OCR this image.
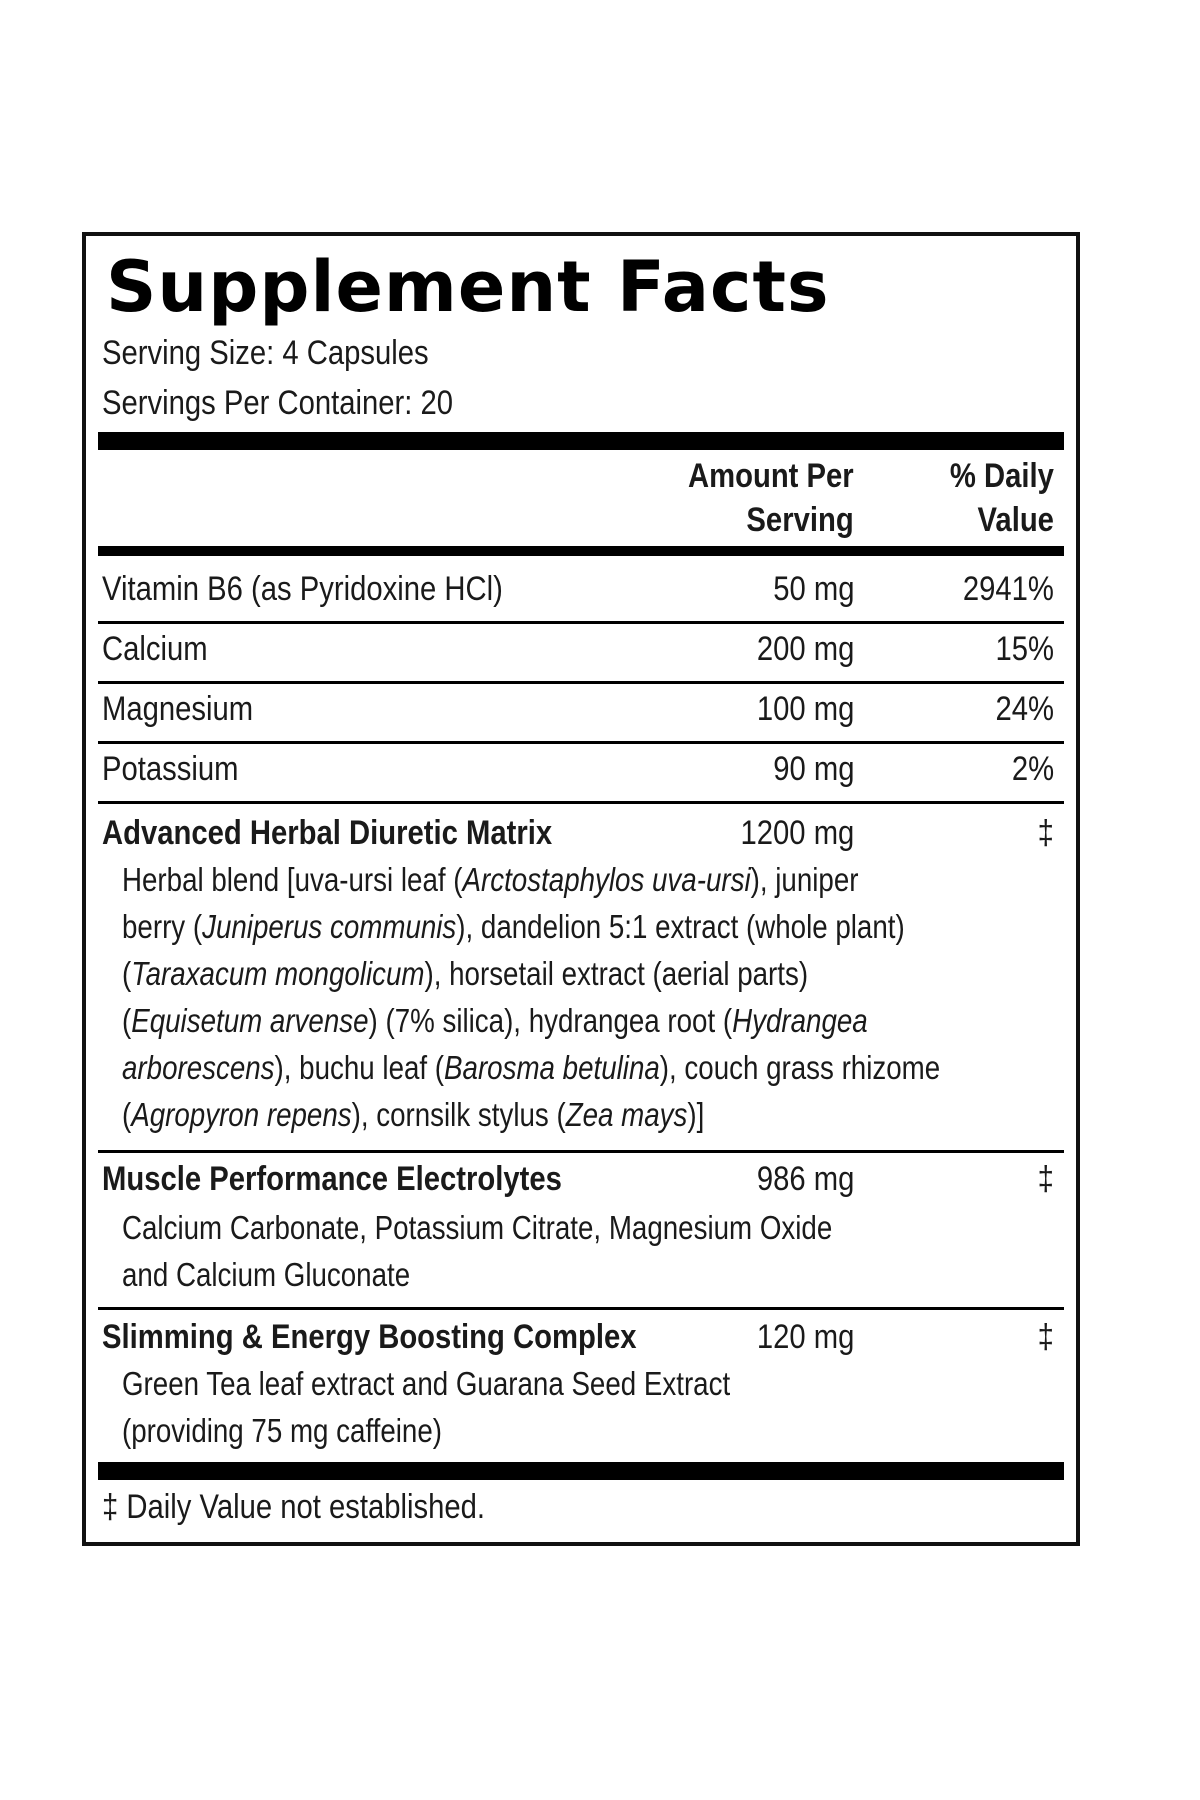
Supplement Facts
Serving Size: 4 Capsules
Servings Per Container: 20
Amount Per
Serving
% Daily
Value
Vitamin B6 (as Pyridoxine HCl)	50 mg	2941%
Calcium	200 mg	15%
Magnesium	100 mg	24%
Potassium	90 mg	2%
Advanced Herbal Diuretic Matrix	1200 mg	‡
Herbal blend [uva-ursi leaf (Arctostaphylos uva-ursi), juniper
berry (Juniperus communis), dandelion 5:1 extract (whole plant)
(Taraxacum mongolicum), horsetail extract (aerial parts)
(Equisetum arvense) (7% silica), hydrangea root (Hydrangea
arborescens), buchu leaf (Barosma betulina), couch grass rhizome
(Agropyron repens), cornsilk stylus (Zea mays)]
Muscle Performance Electrolytes	986 mg	‡
Calcium Carbonate, Potassium Citrate, Magnesium Oxide
and Calcium Gluconate
Slimming & Energy Boosting Complex	120 mg	‡
Green Tea leaf extract and Guarana Seed Extract
(providing 75 mg caffeine)
‡ Daily Value not established.
